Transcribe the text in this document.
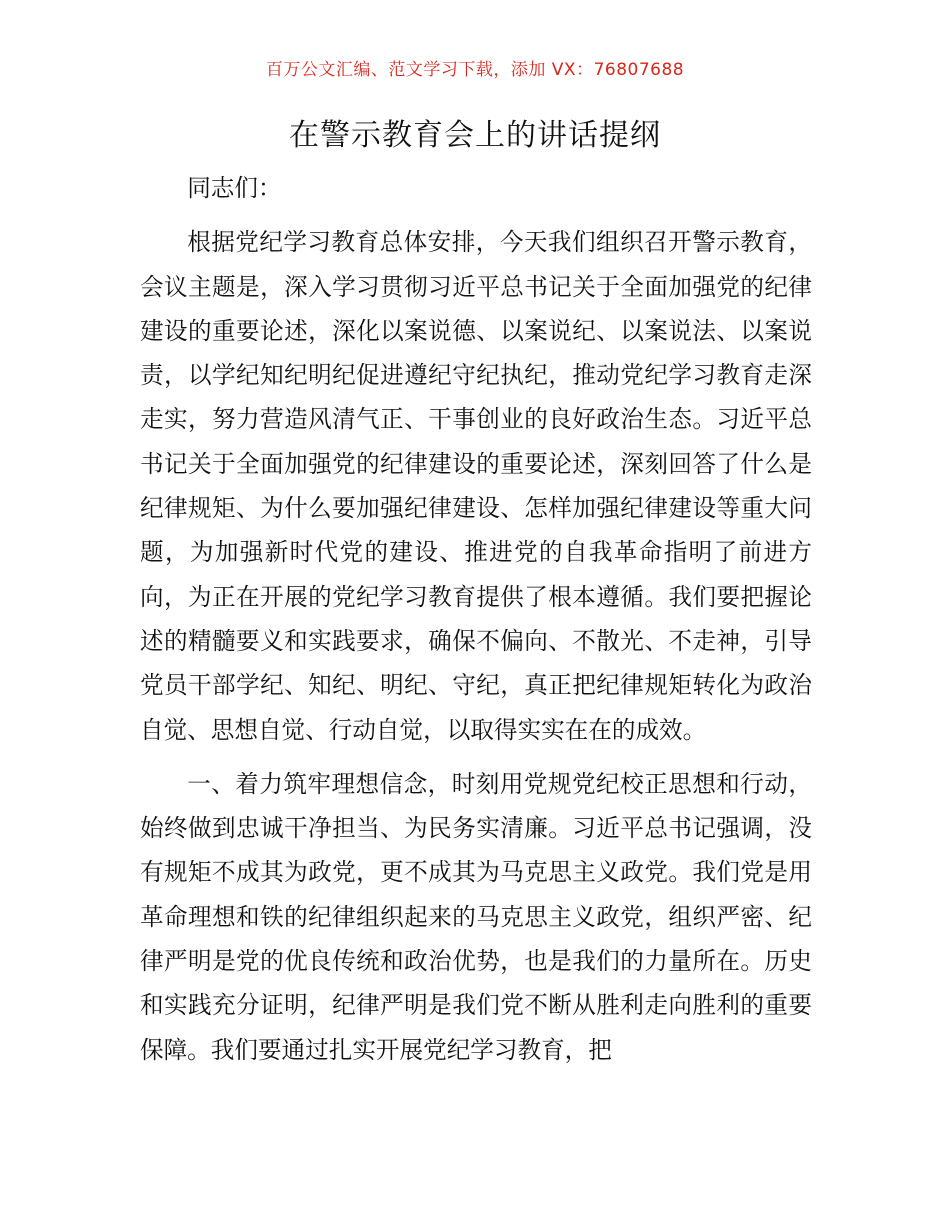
百万公文汇编、范文学习下载，添加 VX：76807688
在警示教育会上的讲话提纲

同志们：

根据党纪学习教育总体安排，今天我们组织召开警示教育，会议主题是，深入学习贯彻习近平总书记关于全面加强党的纪律建设的重要论述，深化以案说德、以案说纪、以案说法、以案说责，以学纪知纪明纪促进遵纪守纪执纪，推动党纪学习教育走深走实，努力营造风清气正、干事创业的良好政治生态。习近平总书记关于全面加强党的纪律建设的重要论述，深刻回答了什么是纪律规矩、为什么要加强纪律建设、怎样加强纪律建设等重大问题，为加强新时代党的建设、推进党的自我革命指明了前进方向，为正在开展的党纪学习教育提供了根本遵循。我们要把握论述的精髓要义和实践要求，确保不偏向、不散光、不走神，引导党员干部学纪、知纪、明纪、守纪，真正把纪律规矩转化为政治自觉、思想自觉、行动自觉，以取得实实在在的成效。

一、着力筑牢理想信念，时刻用党规党纪校正思想和行动，始终做到忠诚干净担当、为民务实清廉。习近平总书记强调，没有规矩不成其为政党，更不成其为马克思主义政党。我们党是用革命理想和铁的纪律组织起来的马克思主义政党，组织严密、纪律严明是党的优良传统和政治优势，也是我们的力量所在。历史和实践充分证明，纪律严明是我们党不断从胜利走向胜利的重要保障。我们要通过扎实开展党纪学习教育，把
